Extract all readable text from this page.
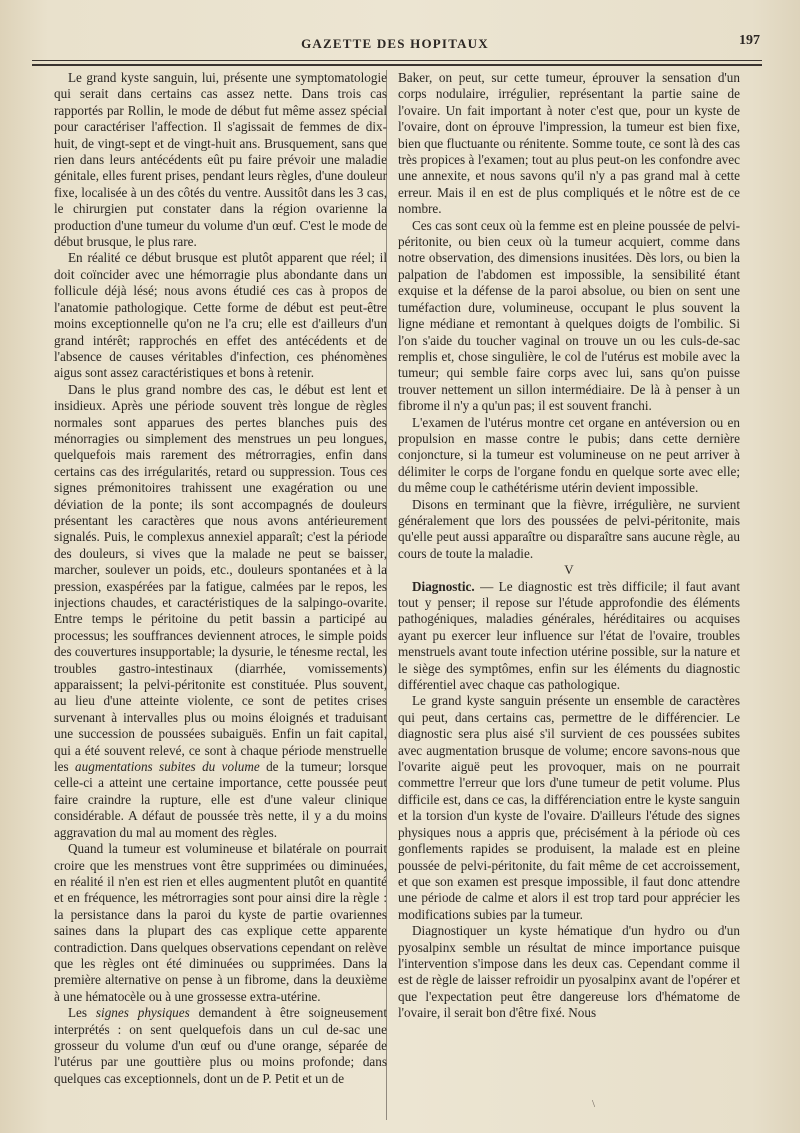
GAZETTE DES HOPITAUX	197

Le grand kyste sanguin, lui, présente une symptomatologie qui serait dans certains cas assez nette. Dans trois cas rapportés par Rollin, le mode de début fut même assez spécial pour caractériser l'affection. Il s'agissait de femmes de dix-huit, de vingt-sept et de vingt-huit ans. Brusquement, sans que rien dans leurs antécédents eût pu faire prévoir une maladie génitale, elles furent prises, pendant leurs règles, d'une douleur fixe, localisée à un des côtés du ventre. Aussitôt dans les 3 cas, le chirurgien put constater dans la région ovarienne la production d'une tumeur du volume d'un œuf. C'est le mode de début brusque, le plus rare.

En réalité ce début brusque est plutôt apparent que réel; il doit coïncider avec une hémorragie plus abondante dans un follicule déjà lésé; nous avons étudié ces cas à propos de l'anatomie pathologique. Cette forme de début est peut-être moins exceptionnelle qu'on ne l'a cru; elle est d'ailleurs d'un grand intérêt; rapprochés en effet des antécédents et de l'absence de causes véritables d'infection, ces phénomènes aigus sont assez caractéristiques et bons à retenir.

Dans le plus grand nombre des cas, le début est lent et insidieux. Après une période souvent très longue de règles normales sont apparues des pertes blanches puis des ménorragies ou simplement des menstrues un peu longues, quelquefois mais rarement des métrorragies, enfin dans certains cas des irrégularités, retard ou suppression. Tous ces signes prémonitoires trahissent une exagération ou une déviation de la ponte; ils sont accompagnés de douleurs présentant les caractères que nous avons antérieurement signalés. Puis, le complexus annexiel apparaît; c'est la période des douleurs, si vives que la malade ne peut se baisser, marcher, soulever un poids, etc., douleurs spontanées et à la pression, exaspérées par la fatigue, calmées par le repos, les injections chaudes, et caractéristiques de la salpingo-ovarite. Entre temps le péritoine du petit bassin a participé au processus; les souffrances deviennent atroces, le simple poids des couvertures insupportable; la dysurie, le ténesme rectal, les troubles gastro-intestinaux (diarrhée, vomissements) apparaissent; la pelvi-péritonite est constituée. Plus souvent, au lieu d'une atteinte violente, ce sont de petites crises survenant à intervalles plus ou moins éloignés et traduisant une succession de poussées subaiguës. Enfin un fait capital, qui a été souvent relevé, ce sont à chaque période menstruelle les augmentations subites du volume de la tumeur; lorsque celle-ci a atteint une certaine importance, cette poussée peut faire craindre la rupture, elle est d'une valeur clinique considérable. A défaut de poussée très nette, il y a du moins aggravation du mal au moment des règles.

Quand la tumeur est volumineuse et bilatérale on pourrait croire que les menstrues vont être supprimées ou diminuées, en réalité il n'en est rien et elles augmentent plutôt en quantité et en fréquence, les métrorragies sont pour ainsi dire la règle : la persistance dans la paroi du kyste de partie ovariennes saines dans la plupart des cas explique cette apparente contradiction. Dans quelques observations cependant on relève que les règles ont été diminuées ou supprimées. Dans la première alternative on pense à un fibrome, dans la deuxième à une hématocèle ou à une grossesse extra-utérine.

Les signes physiques demandent à être soigneusement interprétés : on sent quelquefois dans un cul de-sac une grosseur du volume d'un œuf ou d'une orange, séparée de l'utérus par une gouttière plus ou moins profonde; dans quelques cas exceptionnels, dont un de P. Petit et un de

Baker, on peut, sur cette tumeur, éprouver la sensation d'un corps nodulaire, irrégulier, représentant la partie saine de l'ovaire. Un fait important à noter c'est que, pour un kyste de l'ovaire, dont on éprouve l'impression, la tumeur est bien fixe, bien que fluctuante ou rénitente. Somme toute, ce sont là des cas très propices à l'examen; tout au plus peut-on les confondre avec une annexite, et nous savons qu'il n'y a pas grand mal à cette erreur. Mais il en est de plus compliqués et le nôtre est de ce nombre.

Ces cas sont ceux où la femme est en pleine poussée de pelvi-péritonite, ou bien ceux où la tumeur acquiert, comme dans notre observation, des dimensions inusitées. Dès lors, ou bien la palpation de l'abdomen est impossible, la sensibilité étant exquise et la défense de la paroi absolue, ou bien on sent une tuméfaction dure, volumineuse, occupant le plus souvent la ligne médiane et remontant à quelques doigts de l'ombilic. Si l'on s'aide du toucher vaginal on trouve un ou les culs-de-sac remplis et, chose singulière, le col de l'utérus est mobile avec la tumeur; qui semble faire corps avec lui, sans qu'on puisse trouver nettement un sillon intermédiaire. De là à penser à un fibrome il n'y a qu'un pas; il est souvent franchi.

L'examen de l'utérus montre cet organe en antéversion ou en propulsion en masse contre le pubis; dans cette dernière conjoncture, si la tumeur est volumineuse on ne peut arriver à délimiter le corps de l'organe fondu en quelque sorte avec elle; du même coup le cathétérisme utérin devient impossible.

Disons en terminant que la fièvre, irrégulière, ne survient généralement que lors des poussées de pelvi-péritonite, mais qu'elle peut aussi apparaître ou disparaître sans aucune règle, au cours de toute la maladie.

V

Diagnostic. — Le diagnostic est très difficile; il faut avant tout y penser; il repose sur l'étude approfondie des éléments pathogéniques, maladies générales, héréditaires ou acquises ayant pu exercer leur influence sur l'état de l'ovaire, troubles menstruels avant toute infection utérine possible, sur la nature et le siège des symptômes, enfin sur les éléments du diagnostic différentiel avec chaque cas pathologique.

Le grand kyste sanguin présente un ensemble de caractères qui peut, dans certains cas, permettre de le différencier. Le diagnostic sera plus aisé s'il survient de ces poussées subites avec augmentation brusque de volume; encore savons-nous que l'ovarite aiguë peut les provoquer, mais on ne pourrait commettre l'erreur que lors d'une tumeur de petit volume. Plus difficile est, dans ce cas, la différenciation entre le kyste sanguin et la torsion d'un kyste de l'ovaire. D'ailleurs l'étude des signes physiques nous a appris que, précisément à la période où ces gonflements rapides se produisent, la malade est en pleine poussée de pelvi-péritonite, du fait même de cet accroissement, et que son examen est presque impossible, il faut donc attendre une période de calme et alors il est trop tard pour apprécier les modifications subies par la tumeur.

Diagnostiquer un kyste hématique d'un hydro ou d'un pyosalpinx semble un résultat de mince importance puisque l'intervention s'impose dans les deux cas. Cependant comme il est de règle de laisser refroidir un pyosalpinx avant de l'opérer et que l'expectation peut être dangereuse lors d'hématome de l'ovaire, il serait bon d'être fixé. Nous

\
